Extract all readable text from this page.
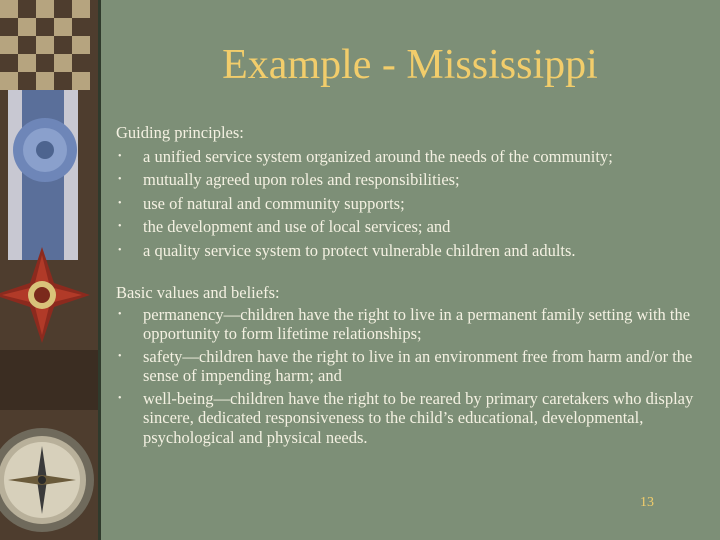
Example - Mississippi

Guiding principles:

• a unified service system organized around the needs of the community;
• mutually agreed upon roles and responsibilities;
• use of natural and community supports;
• the development and use of local services; and
• a quality service system to protect vulnerable children and adults.

Basic values and beliefs:

• permanency—children have the right to live in a permanent family setting with the opportunity to form lifetime relationships;
• safety—children have the right to live in an environment free from harm and/or the sense of impending harm; and
• well-being—children have the right to be reared by primary caretakers who display sincere, dedicated responsiveness to the child’s educational, developmental, psychological and physical needs.
13
